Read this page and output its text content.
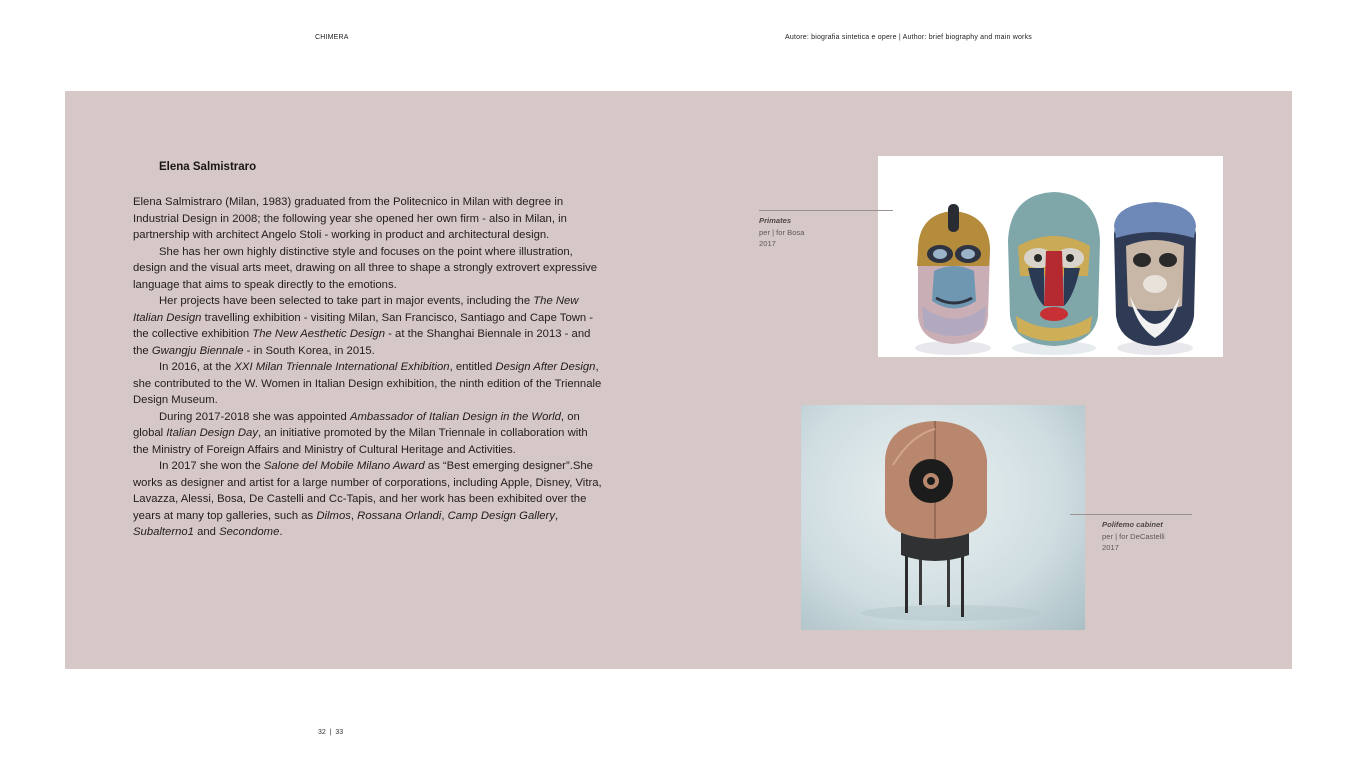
CHIMERA	Autore: biografia sintetica e opere | Author: brief biography and main works
Elena Salmistraro

Elena Salmistraro (Milan, 1983) graduated from the Politecnico in Milan with degree in Industrial Design in 2008; the following year she opened her own firm - also in Milan, in partnership with architect Angelo Stoli - working in product and architectural design.

She has her own highly distinctive style and focuses on the point where illustration, design and the visual arts meet, drawing on all three to shape a strongly extrovert expressive language that aims to speak directly to the emotions.

Her projects have been selected to take part in major events, including the The New Italian Design travelling exhibition - visiting Milan, San Francisco, Santiago and Cape Town - the collective exhibition The New Aesthetic Design - at the Shanghai Biennale in 2013 - and the Gwangju Biennale - in South Korea, in 2015.

In 2016, at the XXI Milan Triennale International Exhibition, entitled Design After Design, she contributed to the W. Women in Italian Design exhibition, the ninth edition of the Triennale Design Museum.

During 2017-2018 she was appointed Ambassador of Italian Design in the World, on global Italian Design Day, an initiative promoted by the Milan Triennale in collaboration with the Ministry of Foreign Affairs and Ministry of Cultural Heritage and Activities.

In 2017 she won the Salone del Mobile Milano Award as “Best emerging designer”.She works as designer and artist for a large number of corporations, including Apple, Disney, Vitra, Lavazza, Alessi, Bosa, De Castelli and Cc-Tapis, and her work has been exhibited over the years at many top galleries, such as Dilmos, Rossana Orlandi, Camp Design Gallery, Subalterno1 and Secondome.

Primates
per | for Bosa
2017
Polifemo cabinet
per | for DeCastelli
2017
32  |  33
